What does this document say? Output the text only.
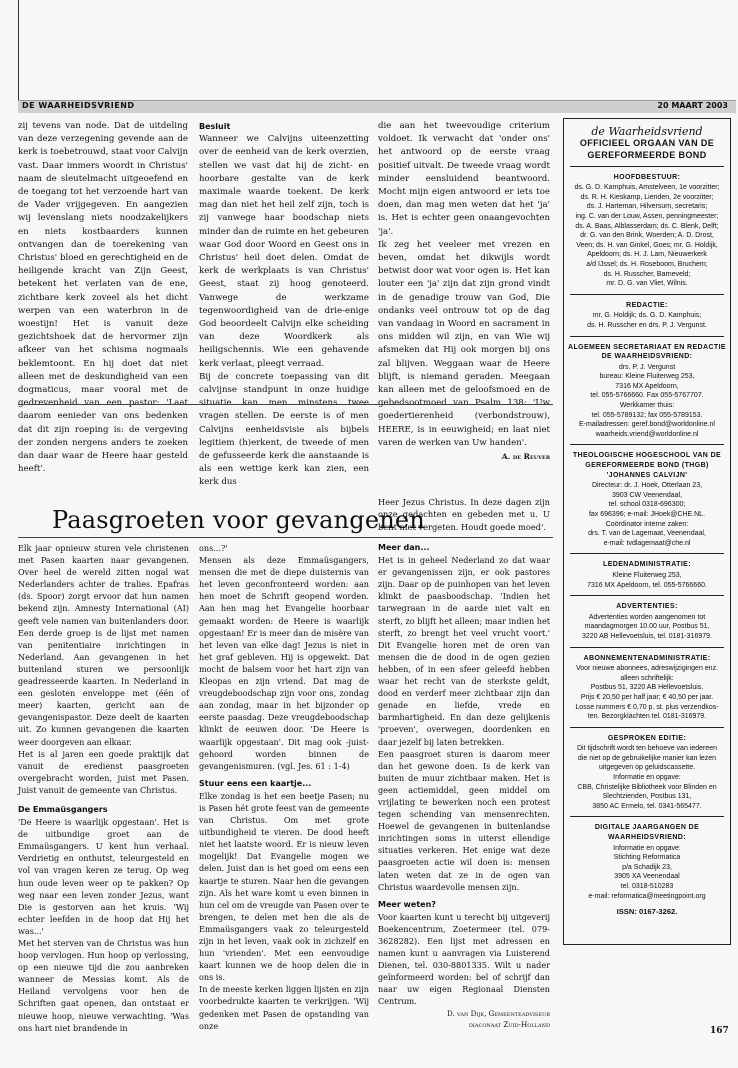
DE WAARHEIDSVRIEND	20 MAART 2003

zij tevens van node. Dat de uitdeling van deze verzegening gevende aan de kerk is toebetrouwd, staat voor Calvijn vast. Daar immers woordt in Christus' naam de sleutelmacht uitgeoefend en de toegang tot het verzoende hart van de Vader vrijgegeven. En aangezien wij levenslang niets noodzakelijkers en niets kostbaarders kunnen ontvangen dan de toerekening van Christus' bloed en gerechtigheid en de heiligende kracht van Zijn Geest, betekent het verlaten van de ene, zichtbare kerk zoveel als het dicht werpen van een waterbron in de woestijn! Het is vanuit deze gezichtshoek dat de hervormer zijn afkeer van het schisma nogmaals beklemtoont. En hij doet dat niet alleen met de deskundigheid van een dogmaticus, maar vooral met de gedrevenheid van een pastor: 'Laat daarom eenieder van ons bedenken dat dit zijn roeping is: de vergeving der zonden nergens anders te zoeken dan daar waar de Heere haar gesteld heeft'.

Besluit

Wanneer we Calvijns uiteenzetting over de eenheid van de kerk overzien, stellen we vast dat hij de zicht- en hoorbare gestalte van de kerk maximale waarde toekent. De kerk mag dan niet het heil zelf zijn, toch is zij vanwege haar boodschap niets minder dan de ruimte en het gebeuren waar God door Woord en Geest ons in Christus' heil doet delen. Omdat de kerk de werkplaats is van Christus' Geest, staat zij hoog genoteerd. Vanwege de werkzame tegenwoordigheid van de drie-enige God beoordeelt Calvijn elke scheiding van deze Woordkerk als heiligschennis. Wie een gehavende kerk verlaat, pleegt verraad.

Bij de concrete toepassing van dit calvijnse standpunt in onze huidige situatie kan men minstens twee vragen stellen. De eerste is of men Calvijns eenheidsvisie als bijbels legitiem (h)erkent, de tweede of men de gefusseerde kerk die aanstaande is als een wettige kerk kan zien, een kerk dus

die aan het tweevoudige criterium voldoet. Ik verwacht dat 'onder ons' het antwoord op de eerste vraag positief uitvalt. De tweede vraag wordt minder eensluidend beantwoord. Mocht mijn eigen antwoord er iets toe doen, dan mag men weten dat het 'ja' is. Het is echter geen onaangevochten 'ja'.

Ik zeg het veeleer met vrezen en beven, omdat het dikwijls wordt betwist door wat voor ogen is. Het kan louter een 'ja' zijn dat zijn grond vindt in de genadige trouw van God, Die ondanks veel ontrouw tot op de dag van vandaag in Woord en sacrament in ons midden wil zijn, en van Wie wij afsmeken dat Hij ook morgen bij ons zal blijven. Weggaan waar de Heere blijft, is niemand geraden. Meegaan kan alleen met de geloofsmoed en de gebedsootmoed van Psalm 138: 'Uw goedertierenheid (verbondstrouw), HEERE, is in eeuwigheid; en laat niet varen de werken van Uw handen'.

A. de Reuver

Paasgroeten voor gevangenen

Heer Jezus Christus. In deze dagen zijn onze gedachten en gebeden met u. U bent niet vergeten. Houdt goede moed'.

Elk jaar opnieuw sturen vele christenen met Pasen kaarten naar gevangenen. Over heel de wereld zitten nogal wat Nederlanders achter de tralies. Epafras (ds. Spoor) zorgt ervoor dat hun namen bekend zijn. Amnesty International (AI) geeft vele namen van buitenlanders door. Een derde groep is de lijst met namen van penitentiaire inrichtingen in Nederland. Aan gevangenen in het buitenland sturen we persoonlijk geadresseerde kaarten. In Nederland in een gesloten enveloppe met (één of meer) kaarten, gericht aan de gevangenispastor. Deze deelt de kaarten uit. Zo kunnen gevangenen die kaarten weer doorgeven aan elkaar.

Het is al jaren een goede praktijk dat vanuit de eredienst paasgroeten overgebracht worden, juist met Pasen. Juist vanuit de gemeente van Christus.

De Emmaüsgangers

'De Heere is waarlijk opgestaan'. Het is de uitbundige groet aan de Emmaüsgangers. U kent hun verhaal. Verdrietig en onthutst, teleurgesteld en vol van vragen keren ze terug. Op weg hun oude leven weer op te pakken? Op weg naar een leven zonder Jezus, want Die is gestorven aan het kruis. 'Wij echter leefden in de hoop dat Hij het was...'

Met het sterven van de Christus was hun hoop vervlogen. Hun hoop op verlossing, op een nieuwe tijd die zou aanbreken wanneer de Messias komt. Als de Heiland vervolgens voor hen de Schriften gaat openen, dan ontstaat er nieuwe hoop, nieuwe verwachting. 'Was ons hart niet brandende in

ons...?'

Mensen als deze Emmaüsgangers, mensen die met de diepe duisternis van het leven geconfronteerd worden: aan hen moet de Schrift geopend worden. Aan hen mag het Evangelie hoorbaar gemaakt worden: de Heere is waarlijk opgestaan! Er is meer dan de misère van het leven van elke dag! Jezus is niet in het graf gebleven. Hij is opgewekt. Dat mocht de balsem voor het hart zijn van Kleopas en zijn vriend. Dat mag de vreugdeboodschap zijn voor ons, zondag aan zondag, maar in het bijzonder op eerste paasdag. Deze vreugdeboodschap klinkt de eeuwen door. 'De Heere is waarlijk opgestaan'. Dit mag ook -juist- gehoord worden binnen de gevangenismuren. (vgl. Jes. 61 : 1-4)

Stuur eens een kaartje...

Elke zondag is het een beetje Pasen; nu is Pasen hét grote feest van de gemeente van Christus. Om met grote uitbundigheid te vieren. De dood heeft niet het laatste woord. Er is nieuw leven mogelijk! Dat Evangelie mogen we delen. Juist dan is het goed om eens een kaartje te sturen. Naar hen die gevangen zijn. Als het ware komt u even binnen in hun cel om de vreugde van Pasen over te brengen, te delen met hen die als de Emmaüsgangers vaak zo teleurgesteld zijn in het leven, vaak ook in zichzelf en hun 'vrienden'. Met een eenvoudige kaart kunnen we de hoop delen die in ons is.

In de meeste kerken liggen lijsten en zijn voorbedrukte kaarten te verkrijgen. 'Wij gedenken met Pasen de opstanding van onze

Meer dan...

Het is in geheel Nederland zo dat waar er gevangenissen zijn, er ook pastores zijn. Daar op de puinhopen van het leven klinkt de paasboodschap. 'Indien het tarwegraan in de aarde niet valt en sterft, zo blijft het alleen; maar indien het sterft, zo brengt het veel vrucht voort.' Dit Evangelie horen met de oren van mensen die de dood in de ogen gezien hebben, of in een sfeer geleefd hebben waar het recht van de sterkste geldt, dood en verderf meer zichtbaar zijn dan genade en liefde, vrede en barmhartigheid. En dan deze gelijkenis 'proeven', overwegen, doordenken en daar jezelf bij laten betrekken.

Een paasgroet sturen is daarom meer dan het gewone doen. Is de kerk van buiten de muur zichtbaar maken. Het is geen actiemiddel, geen middel om vrijlating te bewerken noch een protest tegen schending van mensenrechten. Hoewel de gevangenen in buitenlandse inrichtingen soms in uiterst ellendige situaties verkeren. Het enige wat deze paasgroeten actie wil doen is: mensen laten weten dat ze in de ogen van Christus waardevolle mensen zijn.

Meer weten?

Voor kaarten kunt u terecht bij uitgeverij Boekencentrum, Zoetermeer (tel. 079-3628282). Een lijst met adressen en namen kunt u aanvragen via Luisterend Dienen, tel. 030-8801335. Wilt u nader geïnformeerd worden: bel of schrijf dan naar uw eigen Regionaal Diensten Centrum.

D. van Dijk, Gemeenteadviseur

diaconaat Zuid-Holland

de Waarheidsvriend
OFFICIEEL ORGAAN VAN DE GEREFORMEERDE BOND
HOOFDBESTUUR:

ds. G. D. Kamphuis, Amstelveen, 1e voorzitter;

ds. R. H. Kieskamp, Lienden, 2e voorzitter;

ds. J. Harteman, Hilversum, secretaris;

ing. C. van der Louw, Assen, penningmeester;

ds. A. Baas, Alblasserdam; ds. C. Blenk, Delft;

dr. G. van den Brink, Woerden; A. D. Drost,

Veen; ds. H. van Ginkel, Goes; mr. G. Holdijk,

Apeldoorn; ds. H. J. Lam, Nieuwerkerk

a/d IJssel; ds. H. Roseboom, Bruchem;

ds. H. Russcher, Barneveld;

mr. D. G. van Vliet, Wilnis.

REDACTIE:

mr. G. Holdijk; ds. G. D. Kamphuis;

ds. H. Russcher en drs. P. J. Vergunst.

ALGEMEEN SECRETARIAAT EN REDACTIE DE WAARHEIDSVRIEND:

drs. P. J. Vergunst

bureau: Kleine Fluiterweg 253,

7316 MX Apeldoorn,

tel. 055-5766660. Fax 055-5767707.

Werkkamer thuis:

tel. 055-5789132; fax 055-5789153.

E-mailadressen: geref.bond@worldonline.nl

waarheids.vriend@worldonline.nl

THEOLOGISCHE HOGESCHOOL VAN DE GEREFORMEERDE BOND (THGB) 'JOHANNES CALVIJN'

Directeur: dr. J. Hoek, Otterlaan 23,

3903 CW Veenendaal,

tel. school 0318-696300;

fax 696396; e-mail: JHoek@CHE.NL.

Coördinator interne zaken:

drs. T. van de Lagemaat, Veenendaal,

e-mail: tvdlagemaat@che.nl

LEDENADMINISTRATIE:

Kleine Fluiterweg 253,

7316 MX Apeldoorn, tel. 055-5766660.

ADVERTENTIES:

Advertenties worden aangenomen tot

maandagmorgen 10.00 uur, Postbus 51,

3220 AB Hellevoetsluis, tel. 0181-316979.

ABONNEMENTENADMINISTRATIE:

Voor nieuwe abonnees, adreswijzigingen enz.

alleen schriftelijk:

Postbus 51, 3220 AB Hellevoetsluis.

Prijs € 20,50 per half jaar; € 40,50 per jaar.

Losse nummers € 0,70 p. st. plus verzendkos-

ten. Bezorgklachten tel. 0181-316979.

GESPROKEN EDITIE:

Dit tijdschrift wordt ten behoeve van iedereen

die niet op de gebruikelijke manier kan lezen

uitgegeven op geluidscassette.

Informatie en opgave:

CBB, Christelijke Bibliotheek voor Blinden en

Slechtzienden, Postbus 131,

3850 AC Ermelo, tel. 0341-565477.

DIGITALE JAARGANGEN DE WAARHEIDSVRIEND:

Informatie en opgave:

Stichting Reformatica

p/a Schadijk 23,

3905 XA Veenendaal

tel. 0318-510283

e-mail: reformatica@meetingpoint.org

ISSN: 0167-3262.

167
